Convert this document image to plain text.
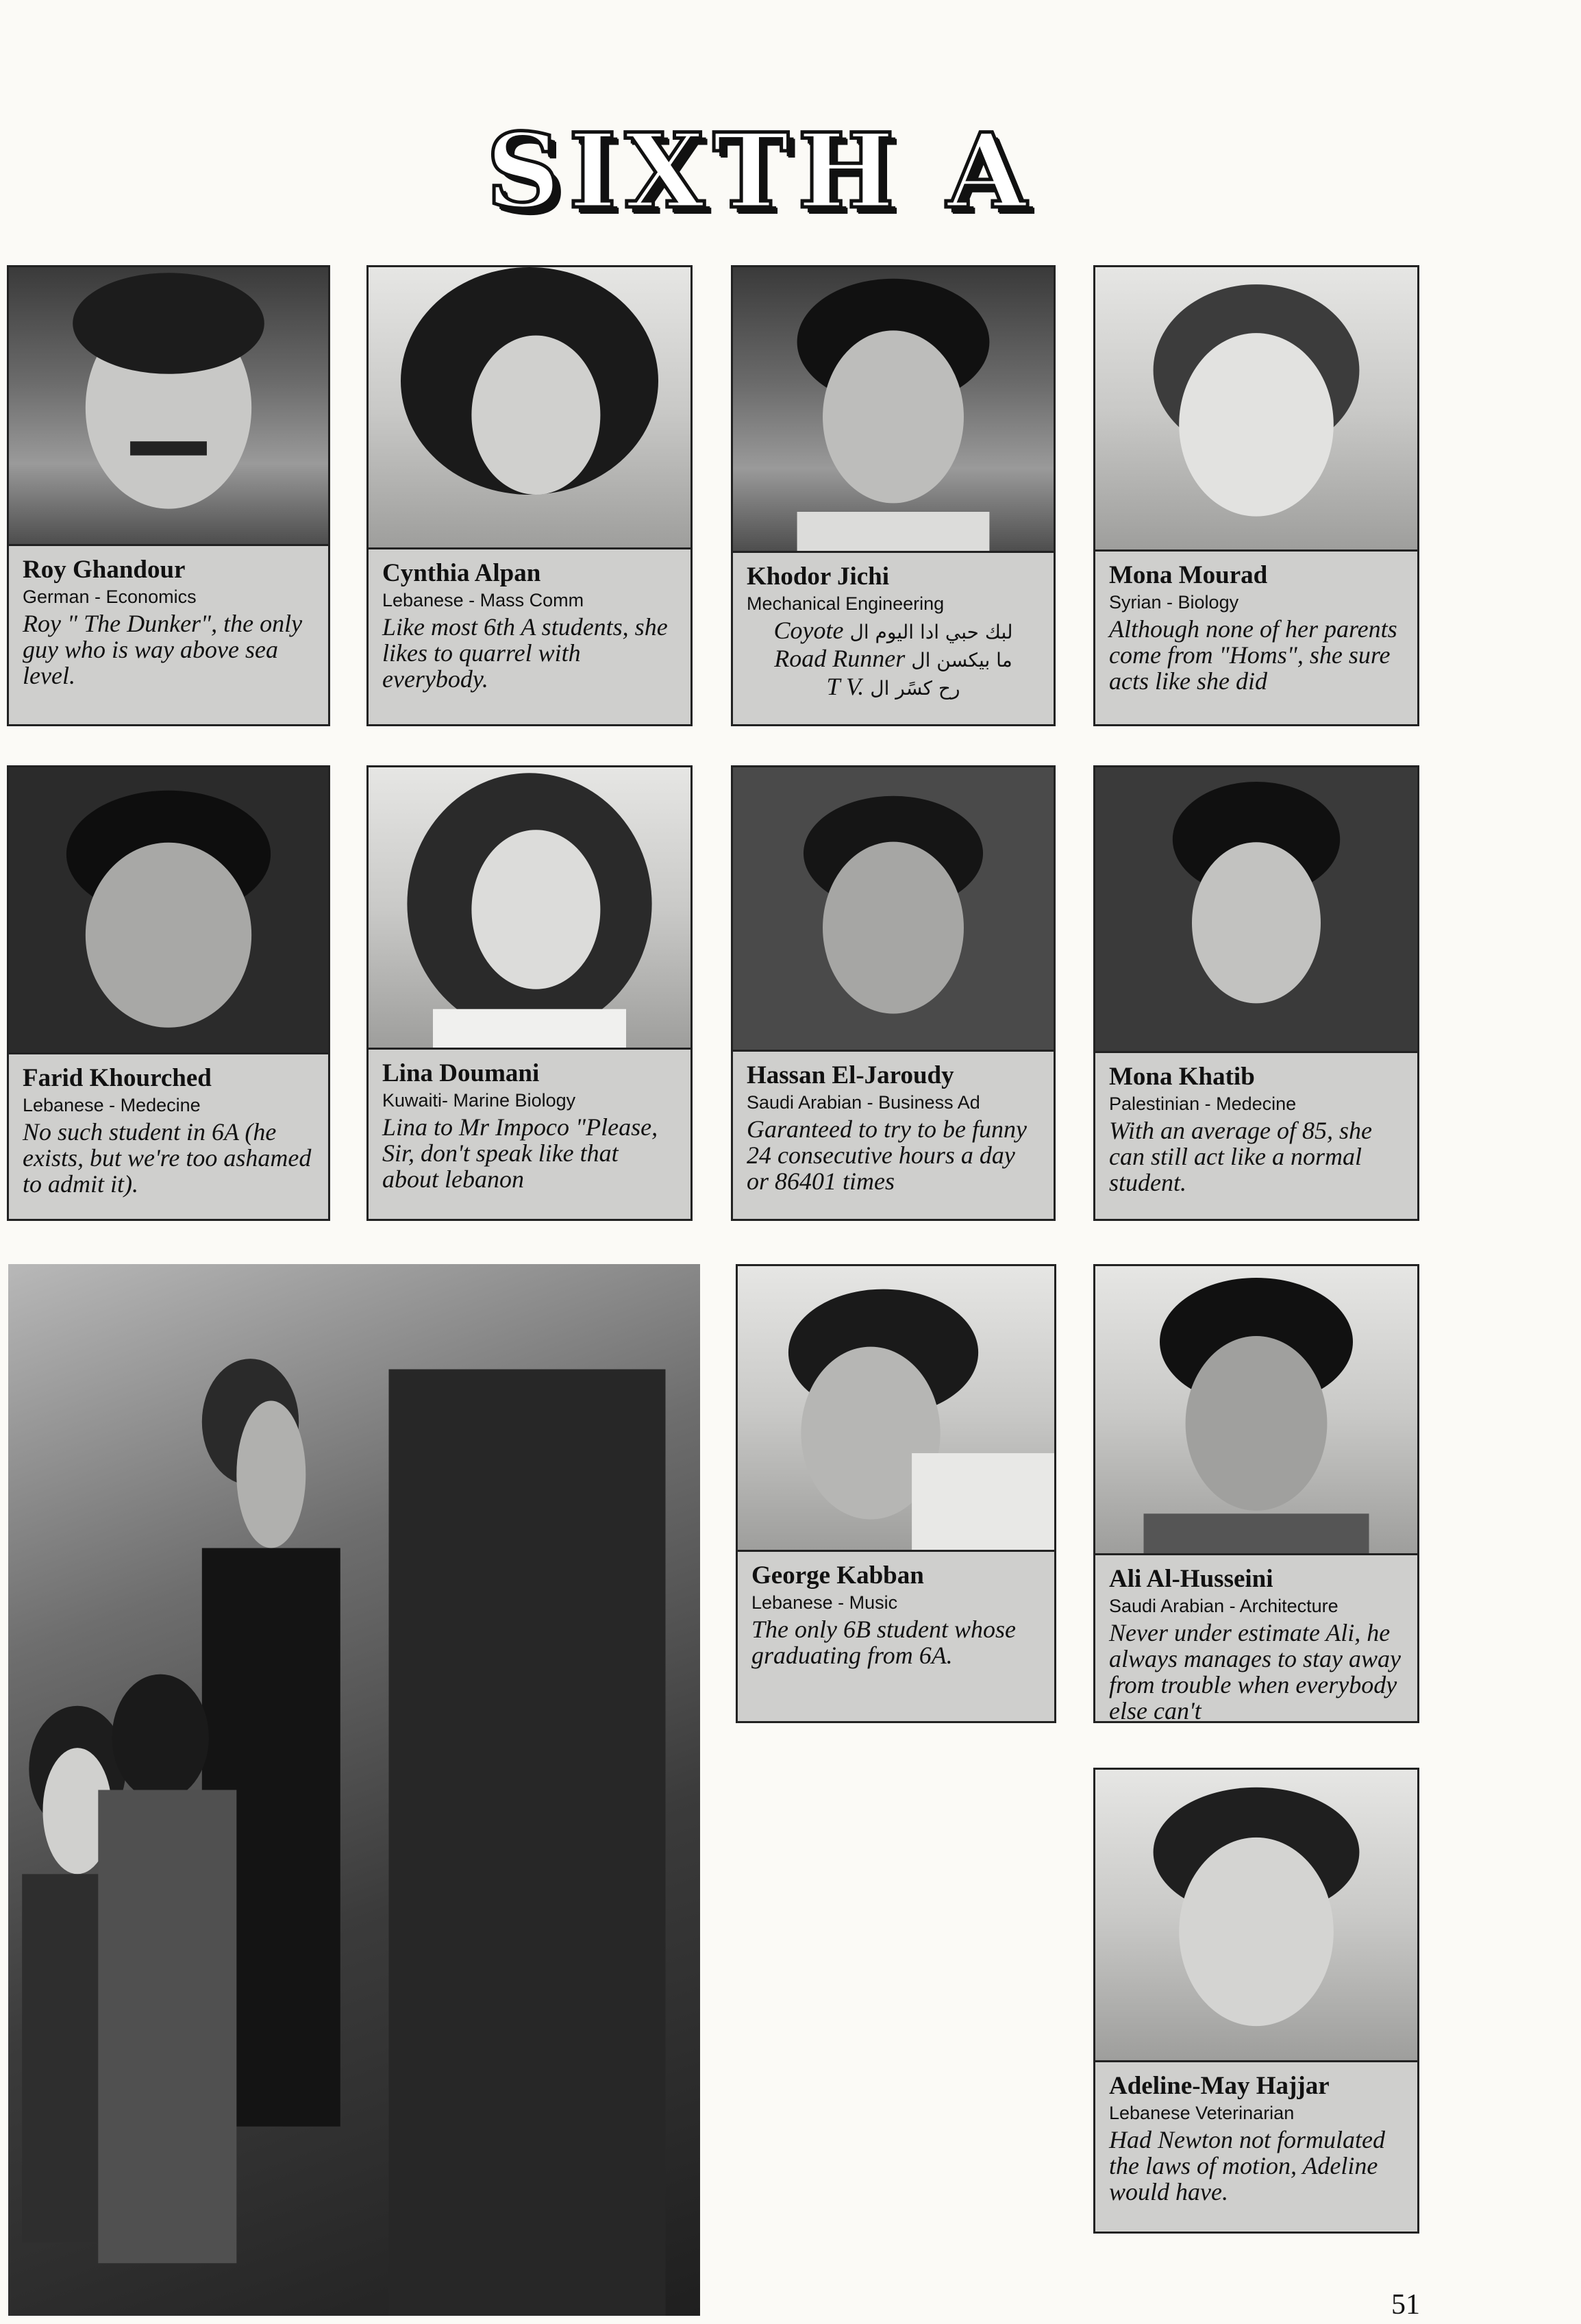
SIXTH A
Roy Ghandour
German - Economics
Roy " The Dunker", the only guy who is way above sea level.
Cynthia Alpan
Lebanese - Mass Comm
Like most 6th A students, she likes to quarrel with everybody.
Khodor Jichi
Mechanical Engineering
Coyote لبك حبي ادا اليوم ال
Road Runner ما بيكسن ال
T V. رح كسًر ال
Mona Mourad
Syrian - Biology
Although none of her parents come from "Homs", she sure acts like she did
Farid Khourched
Lebanese - Medecine
No such student in 6A (he exists, but we're too ashamed to admit it).
Lina Doumani
Kuwaiti- Marine Biology
Lina to Mr Impoco "Please, Sir, don't speak like that about lebanon
Hassan El-Jaroudy
Saudi Arabian - Business Ad
Garanteed to try to be funny 24 consecutive hours a day or 86401 times
Mona Khatib
Palestinian - Medecine
With an average of 85, she can still act like a normal student.
George Kabban
Lebanese - Music
The only 6B student whose graduating from 6A.
Ali Al-Husseini
Saudi Arabian - Architecture
Never under estimate Ali, he always manages to stay away from trouble when everybody else can't
Adeline-May Hajjar
Lebanese Veterinarian
Had Newton not formulated the laws of motion, Adeline would have.
51
